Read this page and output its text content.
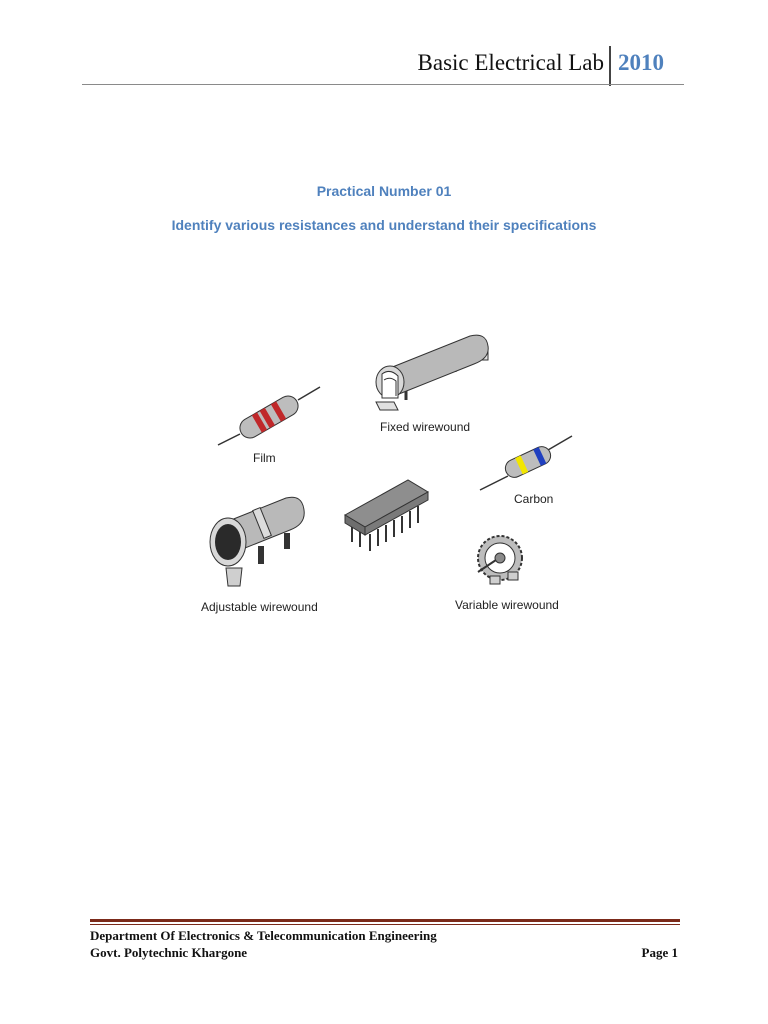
Basic Electrical Lab 2010
Practical Number 01
Identify various resistances and understand their specifications
Fixed wirewound
Film
Carbon
Adjustable wirewound	Variable wirewound
Department Of Electronics & Telecommunication Engineering
Govt. Polytechnic Khargone	Page 1
